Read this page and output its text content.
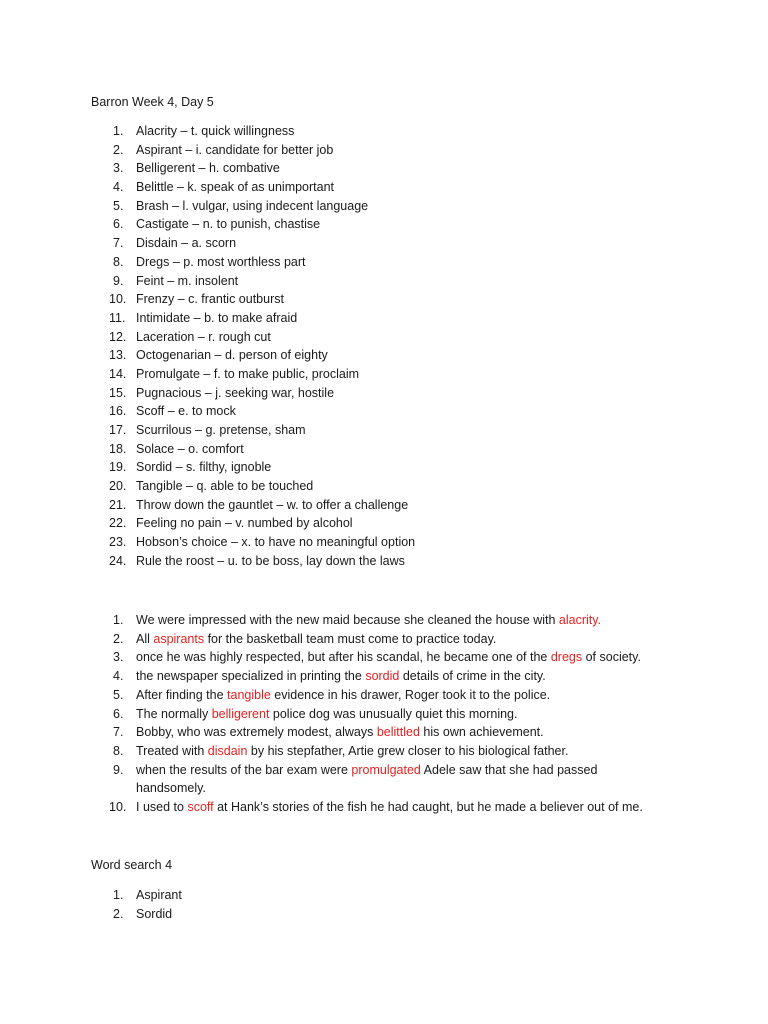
Barron Week 4, Day 5
1. Alacrity – t. quick willingness
2. Aspirant – i. candidate for better job
3. Belligerent – h. combative
4. Belittle – k. speak of as unimportant
5. Brash – l. vulgar, using indecent language
6. Castigate – n. to punish, chastise
7. Disdain – a. scorn
8. Dregs – p. most worthless part
9. Feint – m. insolent
10. Frenzy – c. frantic outburst
11. Intimidate – b. to make afraid
12. Laceration – r. rough cut
13. Octogenarian – d. person of eighty
14. Promulgate – f. to make public, proclaim
15. Pugnacious – j. seeking war, hostile
16. Scoff – e. to mock
17. Scurrilous – g. pretense, sham
18. Solace – o. comfort
19. Sordid – s. filthy, ignoble
20. Tangible – q. able to be touched
21. Throw down the gauntlet – w. to offer a challenge
22. Feeling no pain – v. numbed by alcohol
23. Hobson’s choice – x. to have no meaningful option
24. Rule the roost – u. to be boss, lay down the laws
1. We were impressed with the new maid because she cleaned the house with alacrity.
2. All aspirants for the basketball team must come to practice today.
3. once he was highly respected, but after his scandal, he became one of the dregs of society.
4. the newspaper specialized in printing the sordid details of crime in the city.
5. After finding the tangible evidence in his drawer, Roger took it to the police.
6. The normally belligerent police dog was unusually quiet this morning.
7. Bobby, who was extremely modest, always belittled his own achievement.
8. Treated with disdain by his stepfather, Artie grew closer to his biological father.
9. when the results of the bar exam were promulgated Adele saw that she had passed handsomely.
10. I used to scoff at Hank’s stories of the fish he had caught, but he made a believer out of me.
Word search 4
1. Aspirant
2. Sordid
